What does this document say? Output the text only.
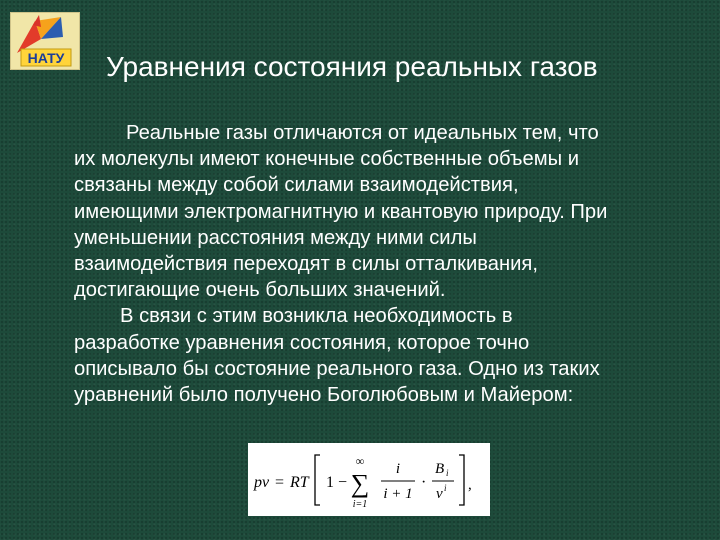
НАТУ Уравнения состояния реальных газов
Реальные газы отличаются от идеальных тем, что
их молекулы имеют конечные собственные объемы и
связаны между собой силами взаимодействия,
имеющими электромагнитную и квантовую природу. При
уменьшении расстояния между ними силы
взаимодействия переходят в силы отталкивания,
достигающие очень больших значений.
В связи с этим возникла необходимость в
разработке уравнения состояния, которое точно
описывало бы состояние реального газа. Одно из таких
уравнений было получено Боголюбовым и Майером:
pv = RT 1 −
∞
∑
i=1
i
i + 1
·
B i
v i ,
